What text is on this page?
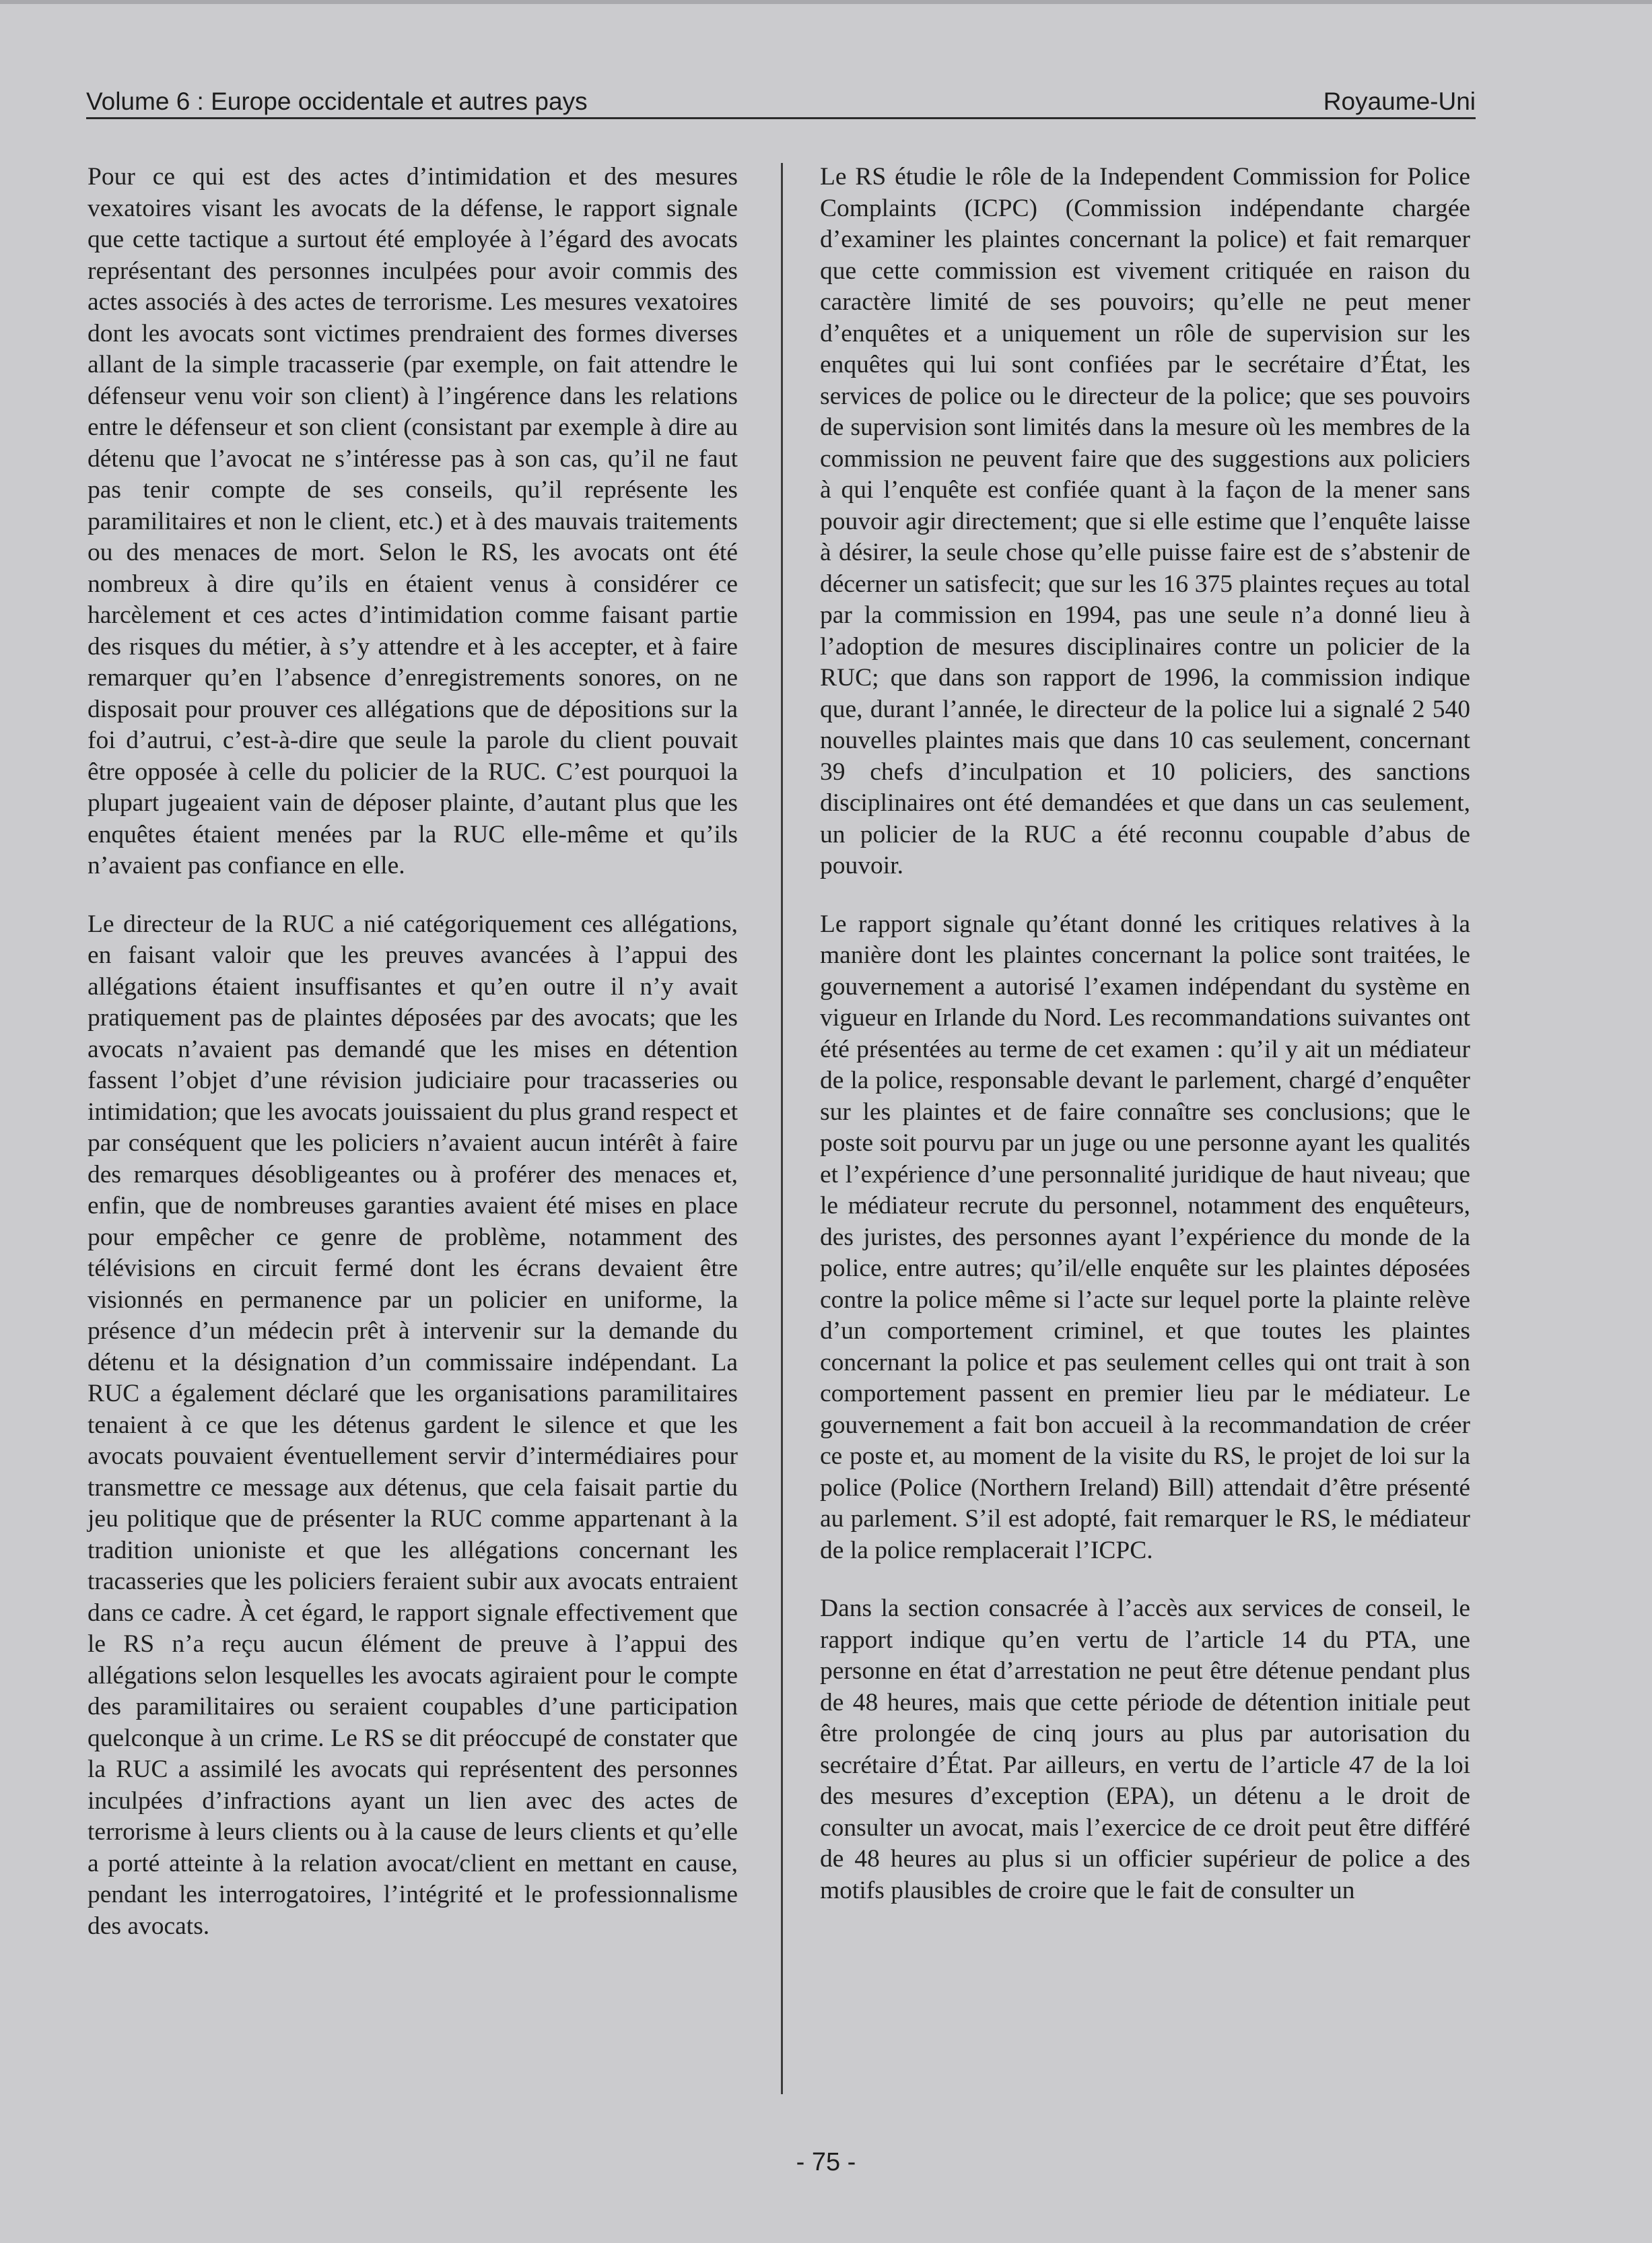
Volume 6 : Europe occidentale et autres pays	Royaume-Uni

Pour ce qui est des actes d’intimidation et des mesures vexatoires visant les avocats de la défense, le rapport signale que cette tactique a surtout été employée à l’égard des avocats représentant des personnes inculpées pour avoir commis des actes associés à des actes de terrorisme. Les mesures vexatoires dont les avocats sont victimes prendraient des formes diverses allant de la simple tracasserie (par exemple, on fait attendre le défenseur venu voir son client) à l’ingérence dans les relations entre le défenseur et son client (consistant par exemple à dire au détenu que l’avocat ne s’intéresse pas à son cas, qu’il ne faut pas tenir compte de ses conseils, qu’il représente les paramilitaires et non le client, etc.) et à des mauvais traitements ou des menaces de mort. Selon le RS, les avocats ont été nombreux à dire qu’ils en étaient venus à considérer ce harcèlement et ces actes d’intimidation comme faisant partie des risques du métier, à s’y attendre et à les accepter, et à faire remarquer qu’en l’absence d’enregistrements sonores, on ne disposait pour prouver ces allégations que de dépositions sur la foi d’autrui, c’est-à-dire que seule la parole du client pouvait être opposée à celle du policier de la RUC. C’est pourquoi la plupart jugeaient vain de déposer plainte, d’autant plus que les enquêtes étaient menées par la RUC elle-même et qu’ils n’avaient pas confiance en elle.

Le directeur de la RUC a nié catégoriquement ces allégations, en faisant valoir que les preuves avancées à l’appui des allégations étaient insuffisantes et qu’en outre il n’y avait pratiquement pas de plaintes déposées par des avocats; que les avocats n’avaient pas demandé que les mises en détention fassent l’objet d’une révision judiciaire pour tracasseries ou intimidation; que les avocats jouissaient du plus grand respect et par conséquent que les policiers n’avaient aucun intérêt à faire des remarques désobligeantes ou à proférer des menaces et, enfin, que de nombreuses garanties avaient été mises en place pour empêcher ce genre de problème, notamment des télévisions en circuit fermé dont les écrans devaient être visionnés en permanence par un policier en uniforme, la présence d’un médecin prêt à intervenir sur la demande du détenu et la désignation d’un commissaire indépendant. La RUC a également déclaré que les organisations paramilitaires tenaient à ce que les détenus gardent le silence et que les avocats pouvaient éventuellement servir d’intermédiaires pour transmettre ce message aux détenus, que cela faisait partie du jeu politique que de présenter la RUC comme appartenant à la tradition unioniste et que les allégations concernant les tracasseries que les policiers feraient subir aux avocats entraient dans ce cadre. À cet égard, le rapport signale effectivement que le RS n’a reçu aucun élément de preuve à l’appui des allégations selon lesquelles les avocats agiraient pour le compte des paramilitaires ou seraient coupables d’une participation quelconque à un crime. Le RS se dit préoccupé de constater que la RUC a assimilé les avocats qui représentent des personnes inculpées d’infractions ayant un lien avec des actes de terrorisme à leurs clients ou à la cause de leurs clients et qu’elle a porté atteinte à la relation avocat/client en mettant en cause, pendant les interrogatoires, l’intégrité et le professionnalisme des avocats.

Le RS étudie le rôle de la Independent Commission for Police Complaints (ICPC) (Commission indépendante chargée d’examiner les plaintes concernant la police) et fait remarquer que cette commission est vivement critiquée en raison du caractère limité de ses pouvoirs; qu’elle ne peut mener d’enquêtes et a uniquement un rôle de supervision sur les enquêtes qui lui sont confiées par le secrétaire d’État, les services de police ou le directeur de la police; que ses pouvoirs de supervision sont limités dans la mesure où les membres de la commission ne peuvent faire que des suggestions aux policiers à qui l’enquête est confiée quant à la façon de la mener sans pouvoir agir directement; que si elle estime que l’enquête laisse à désirer, la seule chose qu’elle puisse faire est de s’abstenir de décerner un satisfecit; que sur les 16 375 plaintes reçues au total par la commission en 1994, pas une seule n’a donné lieu à l’adoption de mesures disciplinaires contre un policier de la RUC; que dans son rapport de 1996, la commission indique que, durant l’année, le directeur de la police lui a signalé 2 540 nouvelles plaintes mais que dans 10 cas seulement, concernant 39 chefs d’inculpation et 10 policiers, des sanctions disciplinaires ont été demandées et que dans un cas seulement, un policier de la RUC a été reconnu coupable d’abus de pouvoir.

Le rapport signale qu’étant donné les critiques relatives à la manière dont les plaintes concernant la police sont traitées, le gouvernement a autorisé l’examen indépendant du système en vigueur en Irlande du Nord. Les recommandations suivantes ont été présentées au terme de cet examen : qu’il y ait un médiateur de la police, responsable devant le parlement, chargé d’enquêter sur les plaintes et de faire connaître ses conclusions; que le poste soit pourvu par un juge ou une personne ayant les qualités et l’expérience d’une personnalité juridique de haut niveau; que le médiateur recrute du personnel, notamment des enquêteurs, des juristes, des personnes ayant l’expérience du monde de la police, entre autres; qu’il/elle enquête sur les plaintes déposées contre la police même si l’acte sur lequel porte la plainte relève d’un comportement criminel, et que toutes les plaintes concernant la police et pas seulement celles qui ont trait à son comportement passent en premier lieu par le médiateur. Le gouvernement a fait bon accueil à la recommandation de créer ce poste et, au moment de la visite du RS, le projet de loi sur la police (Police (Northern Ireland) Bill) attendait d’être présenté au parlement. S’il est adopté, fait remarquer le RS, le médiateur de la police remplacerait l’ICPC.

Dans la section consacrée à l’accès aux services de conseil, le rapport indique qu’en vertu de l’article 14 du PTA, une personne en état d’arrestation ne peut être détenue pendant plus de 48 heures, mais que cette période de détention initiale peut être prolongée de cinq jours au plus par autorisation du secrétaire d’État. Par ailleurs, en vertu de l’article 47 de la loi des mesures d’exception (EPA), un détenu a le droit de consulter un avocat, mais l’exercice de ce droit peut être différé de 48 heures au plus si un officier supérieur de police a des motifs plausibles de croire que le fait de consulter un

- 75 -
